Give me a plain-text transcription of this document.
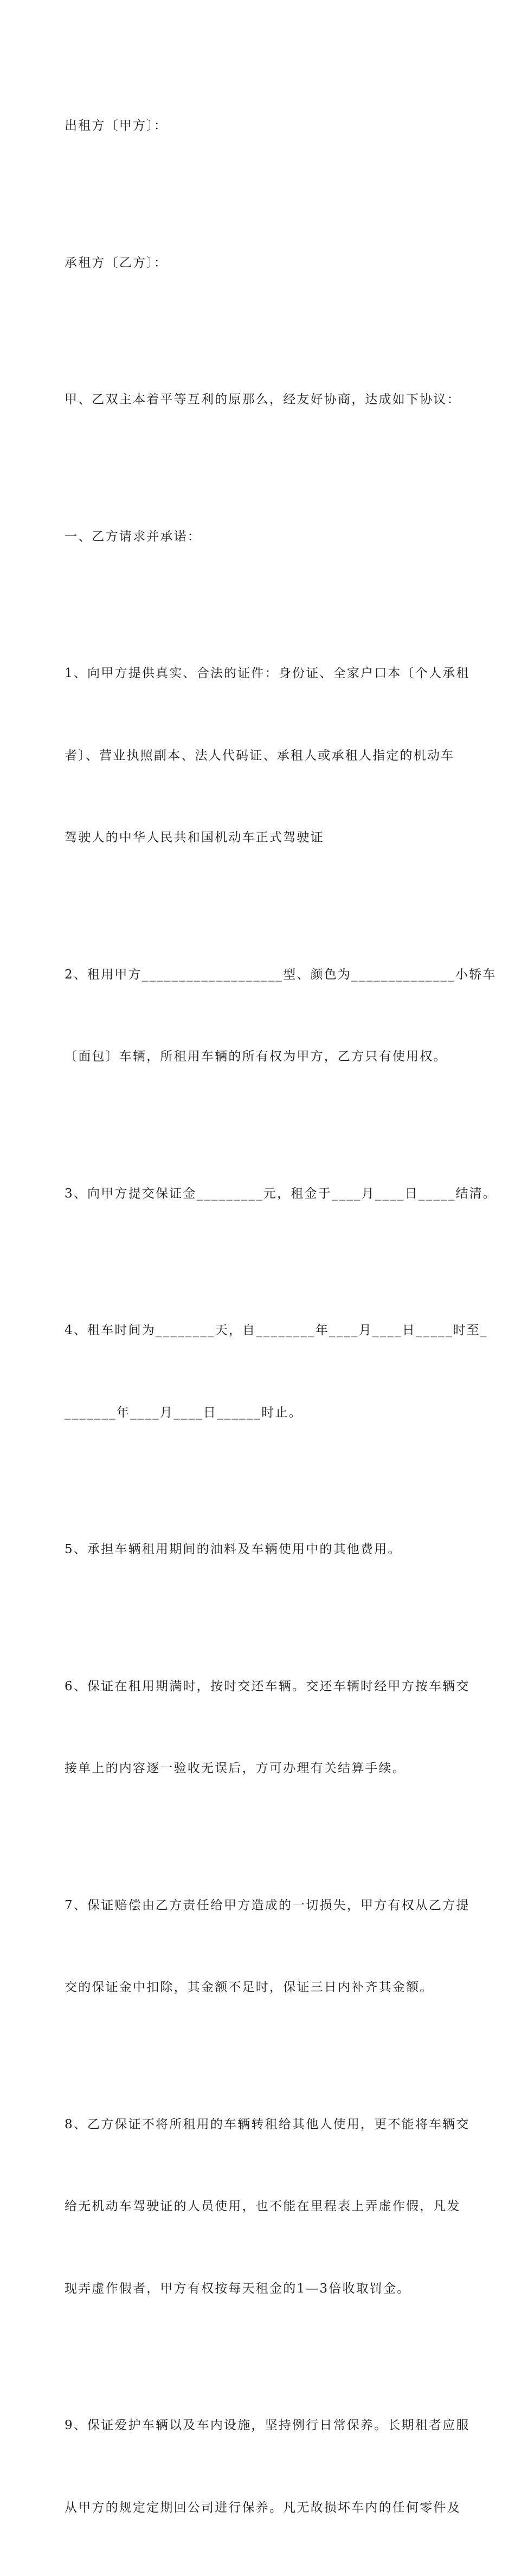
出租方〔甲方〕：

承租方〔乙方〕：

甲、乙双主本着平等互利的原那么，经友好协商，达成如下协议：

一、乙方请求并承诺：

1、向甲方提供真实、合法的证件：身份证、全家户口本〔个人承租

者〕、营业执照副本、法人代码证、承租人或承租人指定的机动车

驾驶人的中华人民共和国机动车正式驾驶证

2、租用甲方___________________型、颜色为______________小轿车

〔面包〕车辆，所租用车辆的所有权为甲方，乙方只有使用权。

3、向甲方提交保证金_________元，租金于____月____日_____结清。

4、租车时间为________天，自________年____月____日_____时至_

_______年____月____日______时止。

5、承担车辆租用期间的油料及车辆使用中的其他费用。

6、保证在租用期满时，按时交还车辆。交还车辆时经甲方按车辆交

接单上的内容逐一验收无误后，方可办理有关结算手续。

7、保证赔偿由乙方责任给甲方造成的一切损失，甲方有权从乙方提

交的保证金中扣除，其金额不足时，保证三日内补齐其金额。

8、乙方保证不将所租用的车辆转租给其他人使用，更不能将车辆交

给无机动车驾驶证的人员使用，也不能在里程表上弄虚作假，凡发

现弄虚作假者，甲方有权按每天租金的1—3倍收取罚金。

9、保证爱护车辆以及车内设施，坚持例行日常保养。长期租者应服

从甲方的规定定期回公司进行保养。凡无故损坏车内的任何零件及
